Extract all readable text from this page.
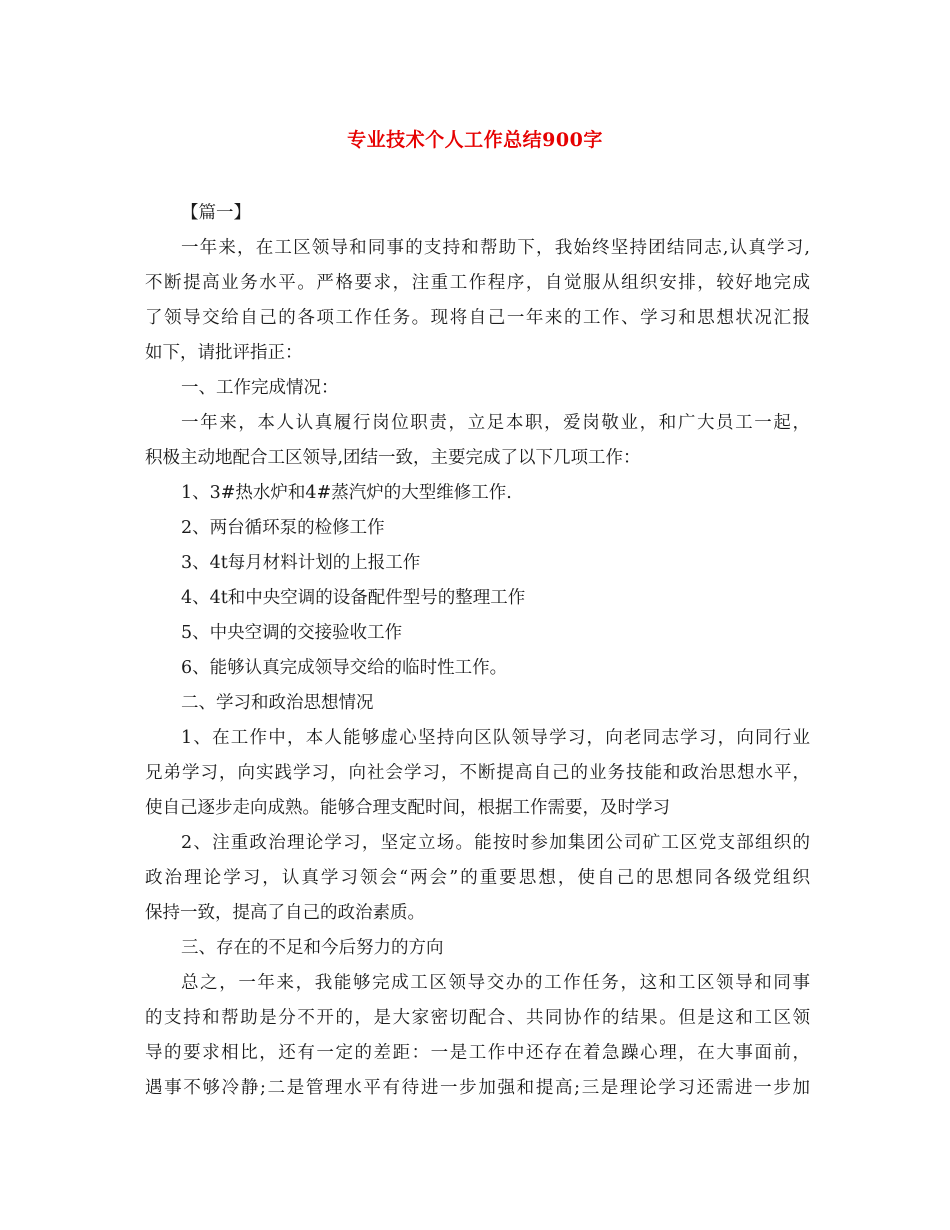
专业技术个人工作总结900字
【篇一】
一年来，在工区领导和同事的支持和帮助下，我始终坚持团结同志,认真学习,
不断提高业务水平。严格要求，注重工作程序，自觉服从组织安排，较好地完成
了领导交给自己的各项工作任务。现将自己一年来的工作、学习和思想状况汇报
如下，请批评指正：
一、工作完成情况：
一年来，本人认真履行岗位职责，立足本职，爱岗敬业，和广大员工一起，
积极主动地配合工区领导,团结一致，主要完成了以下几项工作：
1、3#热水炉和4#蒸汽炉的大型维修工作.
2、两台循环泵的检修工作
3、4t每月材料计划的上报工作
4、4t和中央空调的设备配件型号的整理工作
5、中央空调的交接验收工作
6、能够认真完成领导交给的临时性工作。
二、学习和政治思想情况
1、在工作中，本人能够虚心坚持向区队领导学习，向老同志学习，向同行业
兄弟学习，向实践学习，向社会学习，不断提高自己的业务技能和政治思想水平，
使自己逐步走向成熟。能够合理支配时间，根据工作需要，及时学习
2、注重政治理论学习，坚定立场。能按时参加集团公司矿工区党支部组织的
政治理论学习，认真学习领会“两会”的重要思想，使自己的思想同各级党组织
保持一致，提高了自己的政治素质。
三、存在的不足和今后努力的方向
总之，一年来，我能够完成工区领导交办的工作任务，这和工区领导和同事
的支持和帮助是分不开的，是大家密切配合、共同协作的结果。但是这和工区领
导的要求相比，还有一定的差距：一是工作中还存在着急躁心理，在大事面前，
遇事不够冷静;二是管理水平有待进一步加强和提高;三是理论学习还需进一步加
